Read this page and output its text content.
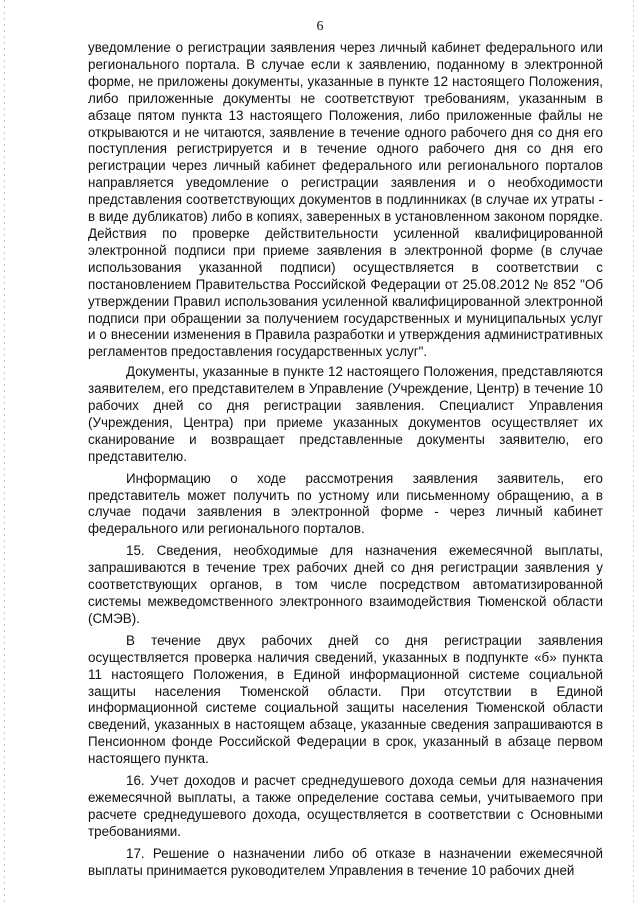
6

уведомление о регистрации заявления через личный кабинет федерального или регионального портала. В случае если к заявлению, поданному в электронной форме, не приложены документы, указанные в пункте 12 настоящего Положения, либо приложенные документы не соответствуют требованиям, указанным в абзаце пятом пункта 13 настоящего Положения, либо приложенные файлы не открываются и не читаются, заявление в течение одного рабочего дня со дня его поступления регистрируется и в течение одного рабочего дня со дня его регистрации через личный кабинет федерального или регионального порталов направляется уведомление о регистрации заявления и о необходимости представления соответствующих документов в подлинниках (в случае их утраты - в виде дубликатов) либо в копиях, заверенных в установленном законом порядке. Действия по проверке действительности усиленной квалифицированной электронной подписи при приеме заявления в электронной форме (в случае использования указанной подписи) осуществляется в соответствии с постановлением Правительства Российской Федерации от 25.08.2012 № 852 "Об утверждении Правил использования усиленной квалифицированной электронной подписи при обращении за получением государственных и муниципальных услуг и о внесении изменения в Правила разработки и утверждения административных регламентов предоставления государственных услуг".

Документы, указанные в пункте 12 настоящего Положения, представляются заявителем, его представителем в Управление (Учреждение, Центр) в течение 10 рабочих дней со дня регистрации заявления. Специалист Управления (Учреждения, Центра) при приеме указанных документов осуществляет их сканирование и возвращает представленные документы заявителю, его представителю.

Информацию о ходе рассмотрения заявления заявитель, его представитель может получить по устному или письменному обращению, а в случае подачи заявления в электронной форме - через личный кабинет федерального или регионального порталов.

15. Сведения, необходимые для назначения ежемесячной выплаты, запрашиваются в течение трех рабочих дней со дня регистрации заявления у соответствующих органов, в том числе посредством автоматизированной системы межведомственного электронного взаимодействия Тюменской области (СМЭВ).

В течение двух рабочих дней со дня регистрации заявления осуществляется проверка наличия сведений, указанных в подпункте «б» пункта 11 настоящего Положения, в Единой информационной системе социальной защиты населения Тюменской области. При отсутствии в Единой информационной системе социальной защиты населения Тюменской области сведений, указанных в настоящем абзаце, указанные сведения запрашиваются в Пенсионном фонде Российской Федерации в срок, указанный в абзаце первом настоящего пункта.

16. Учет доходов и расчет среднедушевого дохода семьи для назначения ежемесячной выплаты, а также определение состава семьи, учитываемого при расчете среднедушевого дохода, осуществляется в соответствии с Основными требованиями.

17. Решение о назначении либо об отказе в назначении ежемесячной выплаты принимается руководителем Управления в течение 10 рабочих дней
